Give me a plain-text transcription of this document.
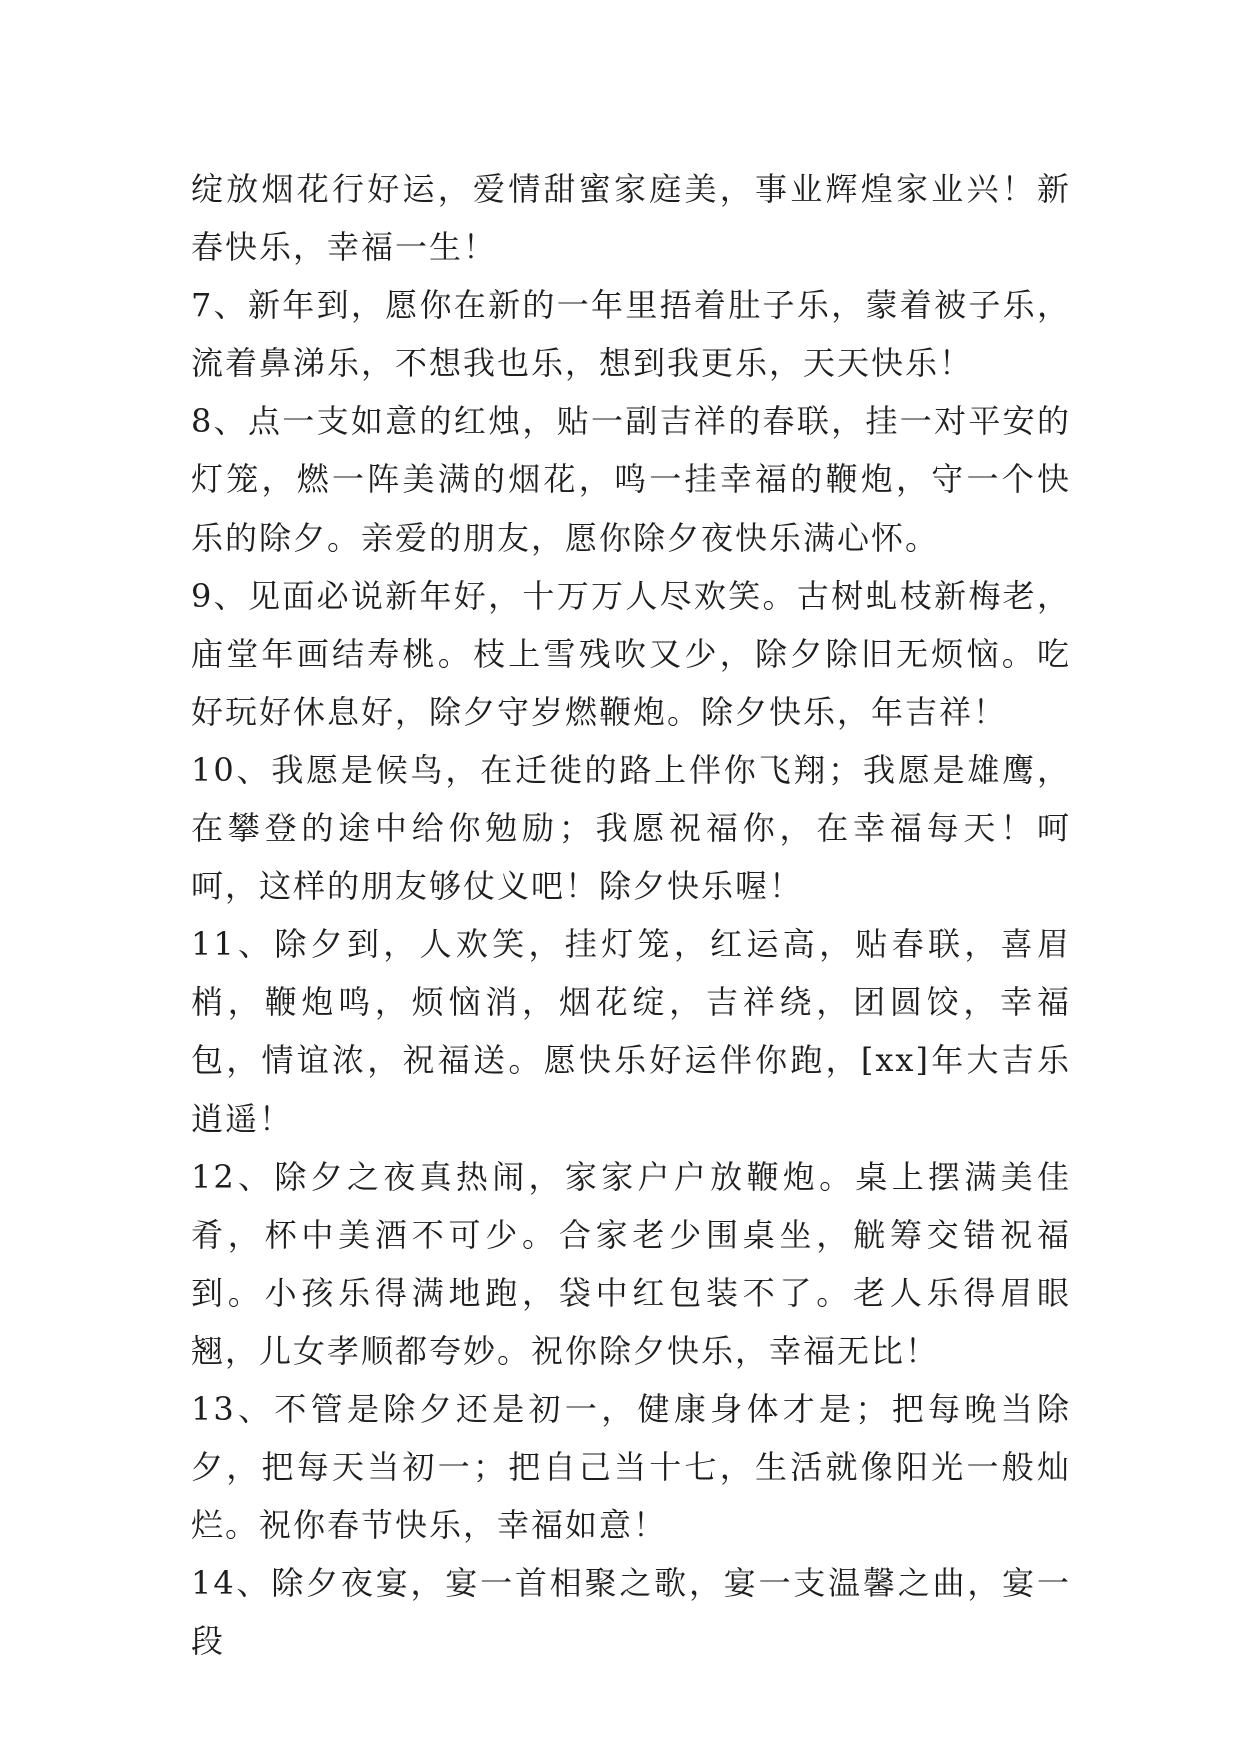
绽放烟花行好运，爱情甜蜜家庭美，事业辉煌家业兴！新春快乐，幸福一生！

7、新年到，愿你在新的一年里捂着肚子乐，蒙着被子乐，流着鼻涕乐，不想我也乐，想到我更乐，天天快乐！

8、点一支如意的红烛，贴一副吉祥的春联，挂一对平安的灯笼，燃一阵美满的烟花，鸣一挂幸福的鞭炮，守一个快乐的除夕。亲爱的朋友，愿你除夕夜快乐满心怀。

9、见面必说新年好，十万万人尽欢笑。古树虬枝新梅老，庙堂年画结寿桃。枝上雪残吹又少，除夕除旧无烦恼。吃好玩好休息好，除夕守岁燃鞭炮。除夕快乐，年吉祥！

10、我愿是候鸟，在迁徙的路上伴你飞翔；我愿是雄鹰，在攀登的途中给你勉励；我愿祝福你，在幸福每天！呵呵，这样的朋友够仗义吧！除夕快乐喔！

11、除夕到，人欢笑，挂灯笼，红运高，贴春联，喜眉梢，鞭炮鸣，烦恼消，烟花绽，吉祥绕，团圆饺，幸福包，情谊浓，祝福送。愿快乐好运伴你跑，[xx]年大吉乐逍遥！

12、除夕之夜真热闹，家家户户放鞭炮。桌上摆满美佳肴，杯中美酒不可少。合家老少围桌坐，觥筹交错祝福到。小孩乐得满地跑，袋中红包装不了。老人乐得眉眼翘，儿女孝顺都夸妙。祝你除夕快乐，幸福无比！

13、不管是除夕还是初一，健康身体才是；把每晚当除夕，把每天当初一；把自己当十七，生活就像阳光一般灿烂。祝你春节快乐，幸福如意！

14、除夕夜宴，宴一首相聚之歌，宴一支温馨之曲，宴一段
